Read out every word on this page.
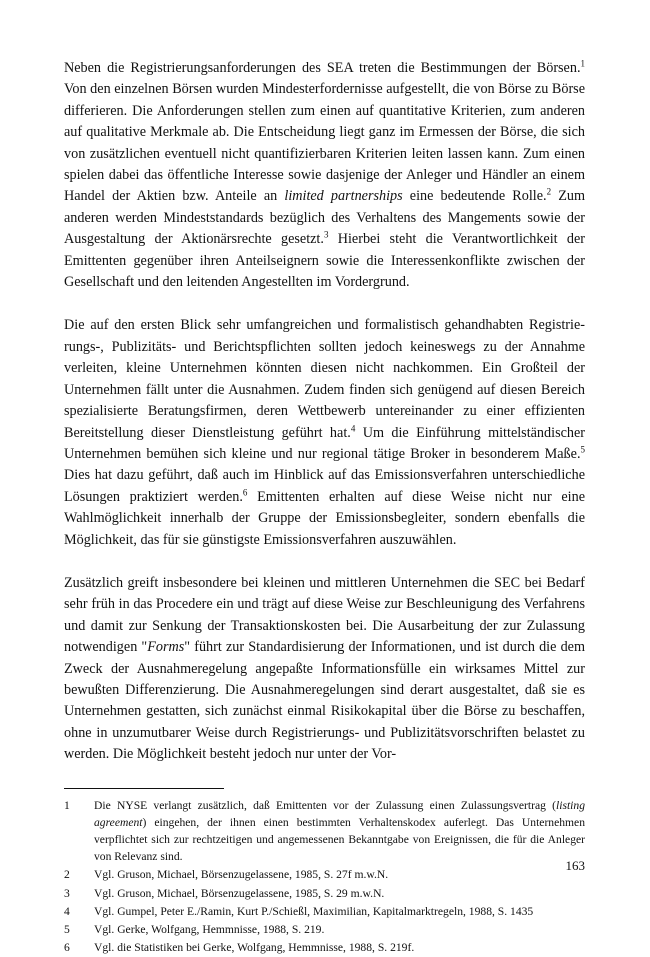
Neben die Registrierungsanforderungen des SEA treten die Bestimmungen der Börsen.$^1$ Von den einzelnen Börsen wurden Mindesterfordernisse aufgestellt, die von Börse zu Börse differieren. Die Anforderungen stellen zum einen auf quantitative Kriterien, zum anderen auf qualitative Merkmale ab. Die Entscheidung liegt ganz im Ermessen der Börse, die sich von zusätzlichen eventuell nicht quantifizierbaren Kriterien leiten lassen kann. Zum einen spielen dabei das öffentliche Interesse sowie dasjenige der Anleger und Händler an einem Handel der Aktien bzw. Anteile an limited partnerships eine bedeutende Rolle.$^2$ Zum anderen werden Mindeststandards bezüglich des Verhaltens des Mangements sowie der Ausgestaltung der Aktionärsrechte gesetzt.$^3$ Hierbei steht die Verantwortlichkeit der Emittenten gegenüber ihren Anteilseignern sowie die Interessenkonflikte zwischen der Gesellschaft und den leitenden Angestellten im Vordergrund.

Die auf den ersten Blick sehr umfangreichen und formalistisch gehandhabten Registrierungs-, Publizitäts- und Berichtspflichten sollten jedoch keineswegs zu der Annahme verleiten, kleine Unternehmen könnten diesen nicht nachkommen. Ein Großteil der Unternehmen fällt unter die Ausnahmen. Zudem finden sich genügend auf diesen Bereich spezialisierte Beratungsfirmen, deren Wettbewerb untereinander zu einer effizienten Bereitstellung dieser Dienstleistung geführt hat.$^4$ Um die Einführung mittelständischer Unternehmen bemühen sich kleine und nur regional tätige Broker in besonderem Maße.$^5$ Dies hat dazu geführt, daß auch im Hinblick auf das Emissionsverfahren unterschiedliche Lösungen praktiziert werden.$^6$ Emittenten erhalten auf diese Weise nicht nur eine Wahlmöglichkeit innerhalb der Gruppe der Emissionsbegleiter, sondern ebenfalls die Möglichkeit, das für sie günstigste Emissionsverfahren auszuwählen.

Zusätzlich greift insbesondere bei kleinen und mittleren Unternehmen die SEC bei Bedarf sehr früh in das Procedere ein und trägt auf diese Weise zur Beschleunigung des Verfahrens und damit zur Senkung der Transaktionskosten bei. Die Ausarbeitung der zur Zulassung notwendigen "Forms" führt zur Standardisierung der Informationen, und ist durch die dem Zweck der Ausnahmeregelung angepaßte Informationsfülle ein wirksames Mittel zur bewußten Differenzierung. Die Ausnahmeregelungen sind derart ausgestaltet, daß sie es Unternehmen gestatten, sich zunächst einmal Risikokapital über die Börse zu beschaffen, ohne in unzumutbarer Weise durch Registrierungs- und Publizitätsvorschriften belastet zu werden. Die Möglichkeit besteht jedoch nur unter der Vor-

1 Die NYSE verlangt zusätzlich, daß Emittenten vor der Zulassung einen Zulassungsvertrag (listing agreement) eingehen, der ihnen einen bestimmten Verhaltenskodex auferlegt. Das Unternehmen verpflichtet sich zur rechtzeitigen und angemessenen Bekanntgabe von Ereignissen, die für die Anleger von Relevanz sind.
2 Vgl. Gruson, Michael, Börsenzugelassene, 1985, S. 27f m.w.N.
3 Vgl. Gruson, Michael, Börsenzugelassene, 1985, S. 29 m.w.N.
4 Vgl. Gumpel, Peter E./Ramin, Kurt P./Schießl, Maximilian, Kapitalmarktregeln, 1988, S. 1435
5 Vgl. Gerke, Wolfgang, Hemmnisse, 1988, S. 219.
6 Vgl. die Statistiken bei Gerke, Wolfgang, Hemmnisse, 1988, S. 219f.
163
